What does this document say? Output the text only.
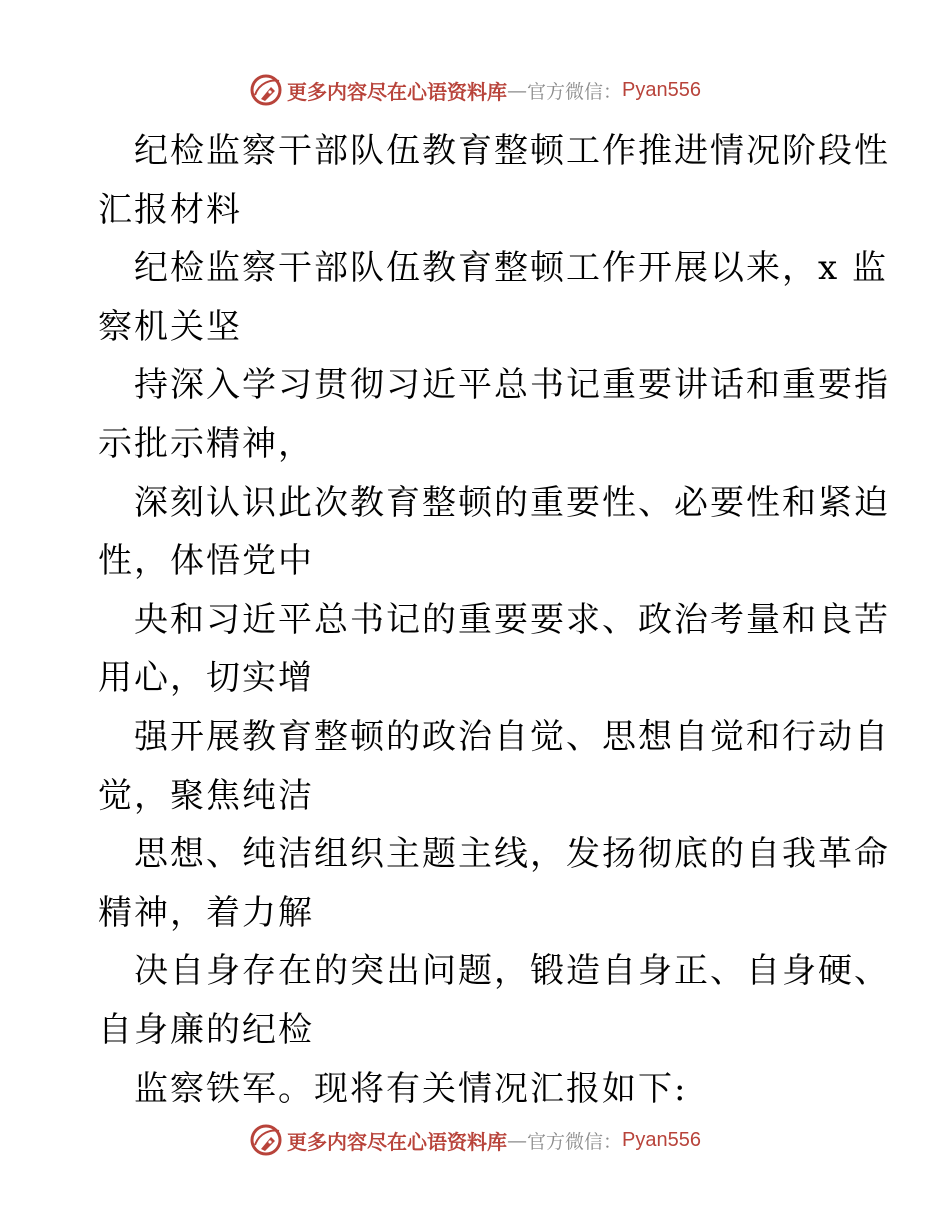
更多内容尽在心语资料库 — 官方微信： Pyan556

纪检监察干部队伍教育整顿工作推进情况阶段性

汇报材料

纪检监察干部队伍教育整顿工作开展以来，x 监

察机关坚

持深入学习贯彻习近平总书记重要讲话和重要指

示批示精神，

深刻认识此次教育整顿的重要性、必要性和紧迫

性，体悟党中

央和习近平总书记的重要要求、政治考量和良苦

用心，切实增

强开展教育整顿的政治自觉、思想自觉和行动自

觉，聚焦纯洁

思想、纯洁组织主题主线，发扬彻底的自我革命

精神，着力解

决自身存在的突出问题，锻造自身正、自身硬、

自身廉的纪检

监察铁军。现将有关情况汇报如下:

更多内容尽在心语资料库 — 官方微信： Pyan556
